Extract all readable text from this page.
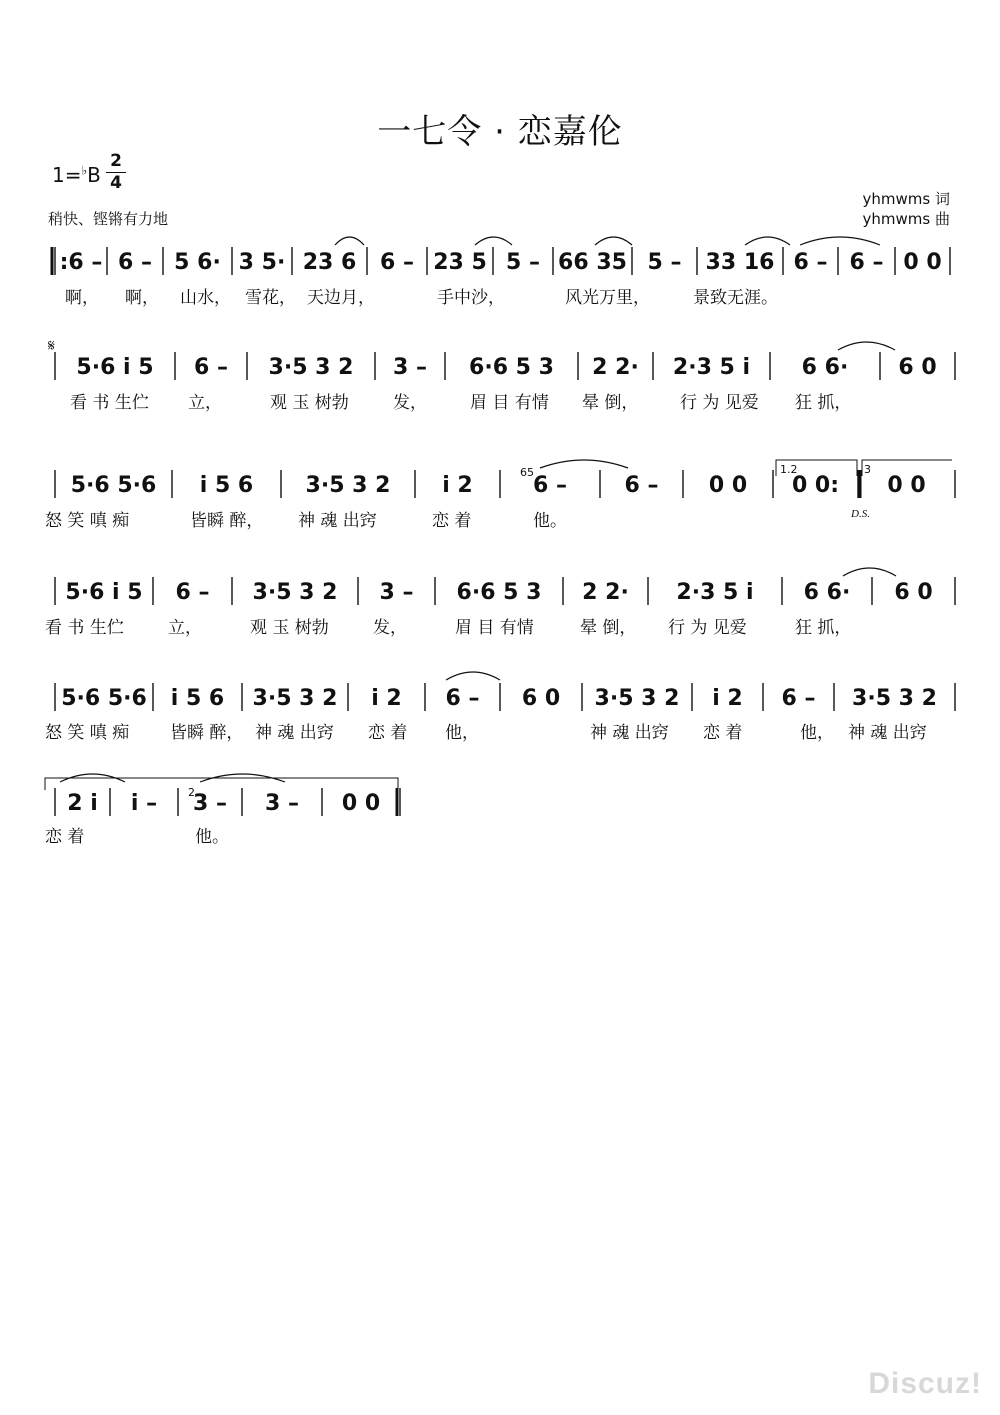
一七令 · 恋嘉伦
1=♭B
2
4
稍快、铿锵有力地
yhmwms 词
yhmwms 曲
𝄋
D.S.
1.2	3
65
2
:6 – 6 – 5 6· 3 5· 23 6 6 – 23 5 5 – 66 35 5 – 33 16 6 – 6 – 0 0
5·6 i 5 6 – 3·5 3 2 3 – 6·6 5 3 2 2· 2·3 5 i 6 6· 6 0
5·6 5·6 i 5 6 3·5 3 2 i 2	6 –	6 – 0 0 0 0: 0 0
5·6 i 5 6 – 3·5 3 2 3 – 6·6 5 3 2 2· 2·3 5 i 6 6· 6 0
5·6 5·6 i 5 6 3·5 3 2 i 2 6 – 6 0 3·5 3 2 i 2 6 – 3·5 3 2
2 i i – 3 – 3 – 0 0
啊， 啊， 山水， 雪花， 天边月，	手中沙，	风光万里，	景致无涯。
看 书 生伫 立，	观 玉 树勃	发，	眉 目 有情 晕 倒， 行 为 见爱 狂 抓，
怒 笑 嗔 痴	皆瞬 醉， 神 魂 出窍	恋 着	他。
看 书 生伫	立，	观 玉 树勃	发，	眉 目 有情	晕 倒， 行 为 见爱	狂 抓，
怒 笑 嗔 痴 皆瞬 醉， 神 魂 出窍 恋 着 他，	神 魂 出窍 恋 着	他， 神 魂 出窍
恋 着	他。
Discuz!
